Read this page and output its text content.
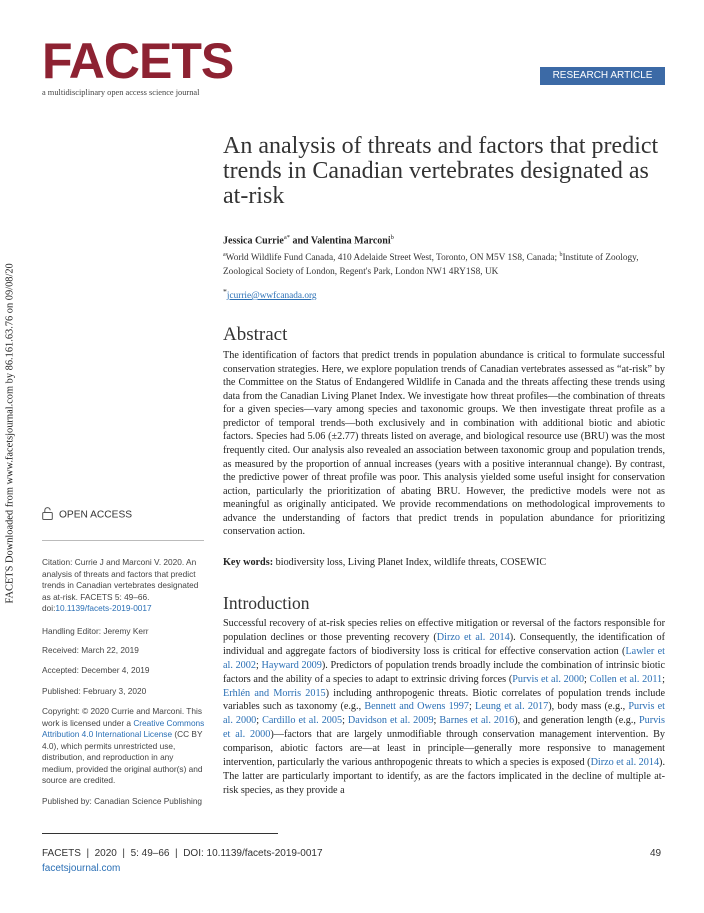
FACETS
a multidisciplinary open access science journal
RESEARCH ARTICLE
An analysis of threats and factors that predict trends in Canadian vertebrates designated as at-risk
Jessica Currie$^{a*}$ and Valentina Marconi$^b$
$^a$World Wildlife Fund Canada, 410 Adelaide Street West, Toronto, ON M5V 1S8, Canada; $^b$Institute of Zoology, Zoological Society of London, Regent's Park, London NW1 4RY1S8, UK
*jcurrie@wwfcanada.org
Abstract
The identification of factors that predict trends in population abundance is critical to formulate successful conservation strategies. Here, we explore population trends of Canadian vertebrates assessed as “at-risk” by the Committee on the Status of Endangered Wildlife in Canada and the threats affecting these trends using data from the Canadian Living Planet Index. We investigate how threat profiles—the combination of threats for a given species—vary among species and taxonomic groups. We then investigate threat profile as a predictor of temporal trends—both exclusively and in combination with additional biotic and abiotic factors. Species had 5.06 (±2.77) threats listed on average, and biological resource use (BRU) was the most frequently cited. Our analysis also revealed an association between taxonomic group and population trends, as measured by the proportion of annual increases (years with a positive interannual change). By contrast, the predictive power of threat profile was poor. This analysis yielded some useful insight for conservation action, particularly the prioritization of abating BRU. However, the predictive models were not as meaningful as originally anticipated. We provide recommendations on methodological improvements to advance the understanding of factors that predict trends in population abundance for prioritizing conservation action.
Key words: biodiversity loss, Living Planet Index, wildlife threats, COSEWIC
Introduction
Successful recovery of at-risk species relies on effective mitigation or reversal of the factors responsible for population declines or those preventing recovery (Dirzo et al. 2014). Consequently, the identification of individual and aggregate factors of biodiversity loss is critical for effective conservation action (Lawler et al. 2002; Hayward 2009). Predictors of population trends broadly include the combination of intrinsic biotic factors and the ability of a species to adapt to extrinsic driving forces (Purvis et al. 2000; Collen et al. 2011; Erhlén and Morris 2015) including anthropogenic threats. Biotic correlates of population trends include variables such as taxonomy (e.g., Bennett and Owens 1997; Leung et al. 2017), body mass (e.g., Purvis et al. 2000; Cardillo et al. 2005; Davidson et al. 2009; Barnes et al. 2016), and generation length (e.g., Purvis et al. 2000)—factors that are largely unmodifiable through conservation management intervention. By comparison, abiotic factors are—at least in principle—generally more responsive to management intervention, particularly the various anthropogenic threats to which a species is exposed (Dirzo et al. 2014). The latter are particularly important to identify, as are the factors implicated in the decline of multiple at-risk species, as they provide a
FACETS Downloaded from www.facetsjournal.com by 86.161.63.76 on 09/08/20	OPEN ACCESS
Citation: Currie J and Marconi V. 2020. An analysis of threats and factors that predict trends in Canadian vertebrates designated as at-risk. FACETS 5: 49–66. doi:10.1139/facets-2019-0017
Handling Editor: Jeremy Kerr
Received: March 22, 2019
Accepted: December 4, 2019
Published: February 3, 2020
Copyright: © 2020 Currie and Marconi. This work is licensed under a Creative Commons Attribution 4.0 International License (CC BY 4.0), which permits unrestricted use, distribution, and reproduction in any medium, provided the original author(s) and source are credited.
Published by: Canadian Science Publishing
FACETS  |  2020  |  5: 49–66  |  DOI: 10.1139/facets-2019-0017
facetsjournal.com
49
